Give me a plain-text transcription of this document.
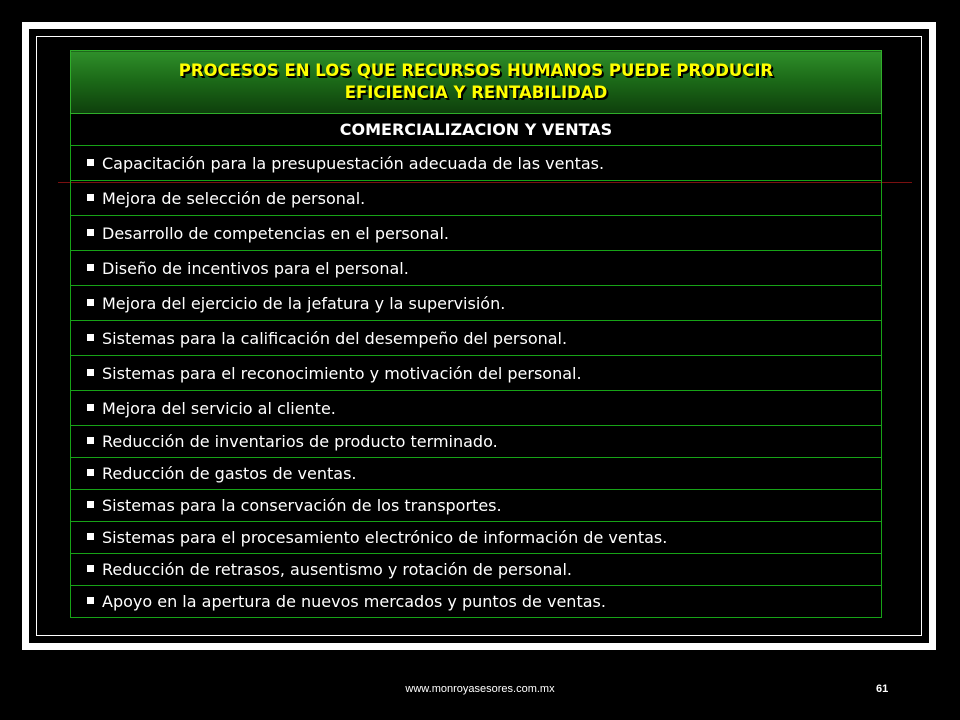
PROCESOS EN LOS QUE RECURSOS HUMANOS PUEDE PRODUCIR
EFICIENCIA Y RENTABILIDAD

COMERCIALIZACION Y VENTAS
Capacitación para la presupuestación adecuada de las ventas.
Mejora de selección de personal.
Desarrollo de competencias en el personal.
Diseño de incentivos para el personal.
Mejora del ejercicio de la jefatura y la supervisión.
Sistemas para la calificación del desempeño del personal.
Sistemas para el reconocimiento y motivación del personal.
Mejora del servicio al cliente.
Reducción de inventarios de producto terminado.
Reducción de gastos de ventas.
Sistemas para la conservación de los transportes.
Sistemas para el procesamiento electrónico de información de ventas.
Reducción de retrasos, ausentismo y rotación de personal.
Apoyo en la apertura de nuevos mercados y puntos de ventas.
www.monroyasesores.com.mx	61
